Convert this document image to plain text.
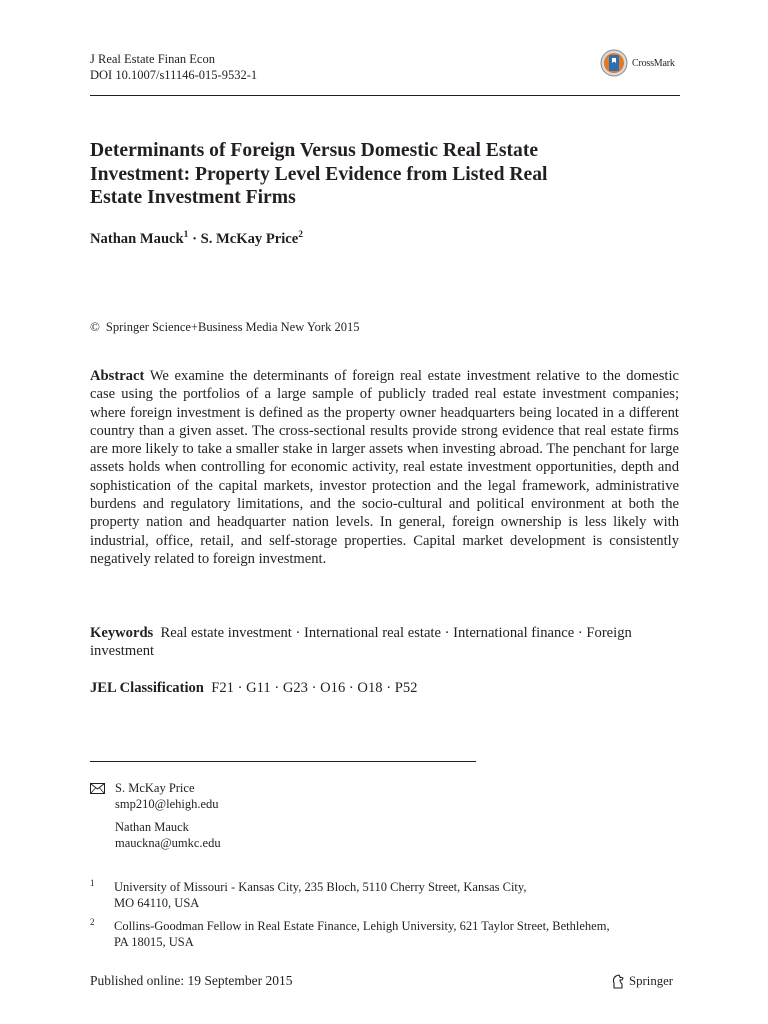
J Real Estate Finan Econ
DOI 10.1007/s11146-015-9532-1
CrossMark
Determinants of Foreign Versus Domestic Real Estate
Investment: Property Level Evidence from Listed Real
Estate Investment Firms
Nathan Mauck$^1$ · S. McKay Price$^2$
© Springer Science+Business Media New York 2015
Abstract We examine the determinants of foreign real estate investment relative to the domestic case using the portfolios of a large sample of publicly traded real estate investment companies; where foreign investment is defined as the property owner headquarters being located in a different country than a given asset. The cross-sectional results provide strong evidence that real estate firms are more likely to take a smaller stake in larger assets when investing abroad. The penchant for large assets holds when controlling for economic activity, real estate investment opportunities, depth and sophistication of the capital markets, investor protection and the legal framework, administrative burdens and regulatory limitations, and the socio-cultural and political environment at both the property nation and headquarter nation levels. In general, foreign ownership is less likely with industrial, office, retail, and self-storage properties. Capital market development is consistently negatively related to foreign investment.
Keywords Real estate investment · International real estate · International finance · Foreign investment
JEL Classification F21 · G11 · G23 · O16 · O18 · P52
S. McKay Price
smp210@lehigh.edu
Nathan Mauck
mauckna@umkc.edu
1 University of Missouri - Kansas City, 235 Bloch, 5110 Cherry Street, Kansas City,
MO 64110, USA
2 Collins-Goodman Fellow in Real Estate Finance, Lehigh University, 621 Taylor Street, Bethlehem,
PA 18015, USA
Published online: 19 September 2015	Springer
